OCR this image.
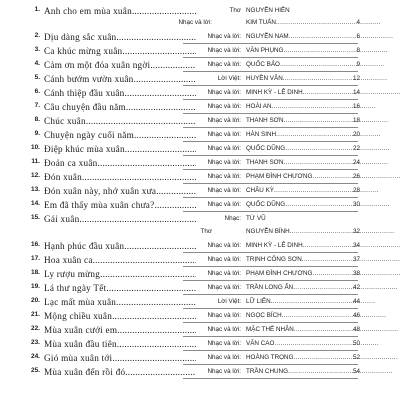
1. Anh cho em mùa xuân .....	Thơ NGUYỄN HIỀN
Nhạc và lời:	KIM TUẤN .....	4
2. Dịu dàng sắc xuân .....	Nhạc và lời: NGUYỄN NAM .....	6
3. Ca khúc mừng xuân .....	Nhạc và lời: VĂN PHỤNG .....	8
4. Cảm ơn một đóa xuân ngời .....	Nhạc và lời: QUỐC BẢO .....	9
5. Cánh bướm vườn xuân .....	Lời Việt: HUYỀN VÂN .....	12
6. Cánh thiệp đầu xuân .....	Nhạc và lời: MINH KỲ - LÊ DINH .....	14
7. Câu chuyện đầu năm .....	Nhạc và lời: HOÀI AN .....	16
8. Chúc xuân .....	Nhạc và lời: THANH SƠN .....	18
9. Chuyện ngày cuối năm .....	Nhạc và lời: HÀN SINH .....	20
10. Điệp khúc mùa xuân .....	Nhạc và lời: QUỐC DŨNG .....	22
11. Đoản ca xuân .....	Nhạc và lời: THANH SƠN .....	24
12. Đón xuân .....	Nhạc và lời: PHẠM ĐÌNH CHƯƠNG .....	26
13. Đón xuân này, nhớ xuân xưa .....	Nhạc và lời: CHÂU KỲ .....	28
14. Em đã thấy mùa xuân chưa? .....	Nhạc và lời: QUỐC DŨNG .....	30
15. Gái xuân .....	Nhạc: TỪ VŨ
Thơ	NGUYỄN BÍNH .....	32
16. Hạnh phúc đầu xuân .....	Nhạc và lời: MINH KỲ - LÊ DINH .....	34
17. Hoa xuân ca .....	Nhạc và lời: TRỊNH CÔNG SƠN .....	37
18. Ly rượu mừng .....	Nhạc và lời: PHẠM ĐÌNH CHƯƠNG .....	38
19. Lá thư ngày Tết .....	Nhạc và lời: TRẦN LONG ẨN .....	42
20. Lạc mất mùa xuân .....	Lời Việt: LỮ LIÊN .....	44
21. Mộng chiều xuân .....	Nhạc và lời: NGỌC BÍCH .....	46
22. Mùa xuân cưới em .....	Nhạc và lời: MẶC THẾ NHÂN .....	48
23. Mùa xuân đầu tiên .....	Nhạc và lời: VĂN CAO .....	50
24. Gió mùa xuân tới .....	Nhạc và lời: HOÀNG TRỌNG .....	52
25. Mùa xuân đến rồi đó .....	Nhạc và lời: TRẦN CHUNG .....	54
